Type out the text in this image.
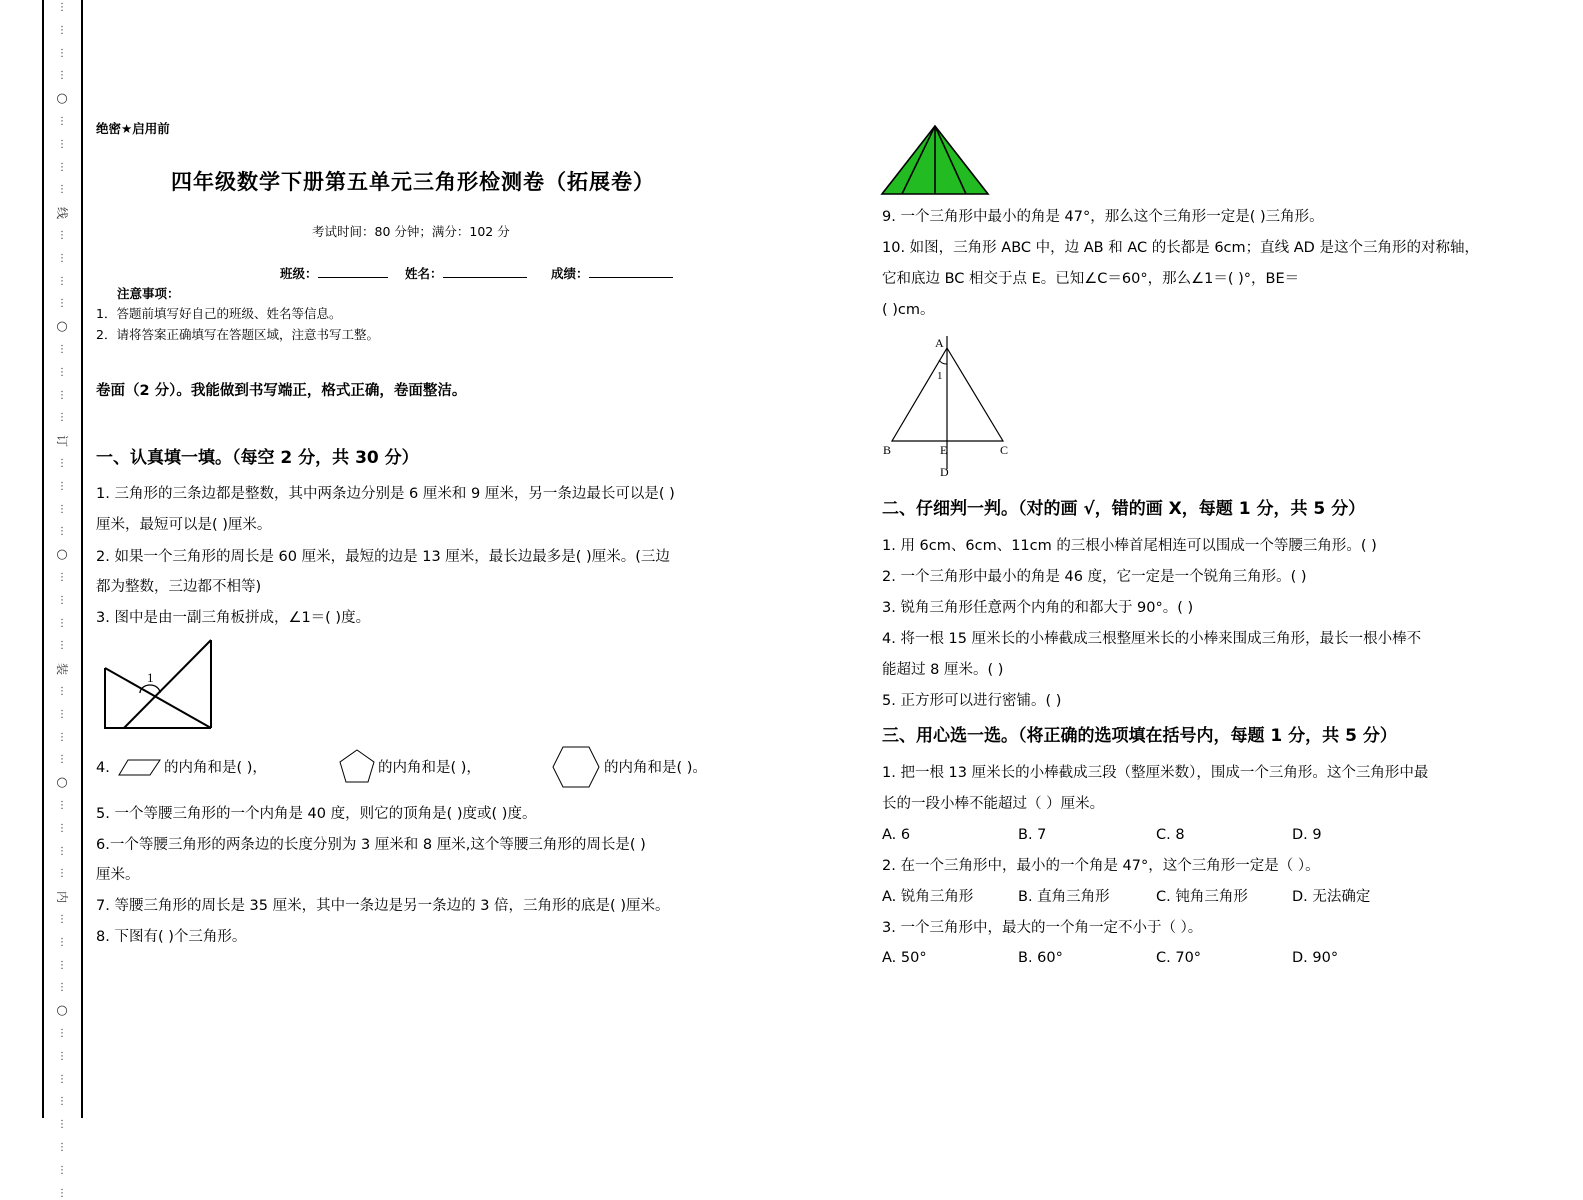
⋮
⋮
⋮
⋮
○
⋮
⋮
⋮
⋮
线
⋮
⋮
⋮
⋮
○
⋮
⋮
⋮
⋮
订
⋮
⋮
⋮
⋮
○
⋮
⋮
⋮
⋮
装
⋮
⋮
⋮
⋮
○
⋮
⋮
⋮
⋮
内
⋮
⋮
⋮
⋮
○
⋮
⋮
⋮
⋮
⋮
⋮
⋮
⋮
绝密★启用前
四年级数学下册第五单元三角形检测卷（拓展卷）
考试时间：80 分钟；满分：102 分
班级：	姓名：	成绩：
注意事项：
1．答题前填写好自己的班级、姓名等信息。
2．请将答案正确填写在答题区域，注意书写工整。
卷面（2 分）。我能做到书写端正，格式正确，卷面整洁。
一、认真填一填。（每空 2 分，共 30 分）
1. 三角形的三条边都是整数，其中两条边分别是 6 厘米和 9 厘米，另一条边最长可以是( )
厘米，最短可以是( )厘米。
2. 如果一个三角形的周长是 60 厘米，最短的边是 13 厘米，最长边最多是( )厘米。(三边
都为整数，三边都不相等)
3. 图中是由一副三角板拼成，∠1＝( )度。
1
4.	的内角和是( )，	的内角和是( )，	的内角和是( )。
5. 一个等腰三角形的一个内角是 40 度，则它的顶角是( )度或( )度。
6.一个等腰三角形的两条边的长度分别为 3 厘米和 8 厘米,这个等腰三角形的周长是( )
厘米。
7. 等腰三角形的周长是 35 厘米，其中一条边是另一条边的 3 倍，三角形的底是( )厘米。
8. 下图有( )个三角形。
9. 一个三角形中最小的角是 47°，那么这个三角形一定是( )三角形。
10. 如图，三角形 ABC 中，边 AB 和 AC 的长都是 6cm；直线 AD 是这个三角形的对称轴，
它和底边 BC 相交于点 E。已知∠C＝60°，那么∠1＝( )°，BE＝
( )cm。
A
1
B	E	C
D
二、仔细判一判。（对的画 √，错的画 X，每题 1 分，共 5 分）
1. 用 6cm、6cm、11cm 的三根小棒首尾相连可以围成一个等腰三角形。( )
2. 一个三角形中最小的角是 46 度，它一定是一个锐角三角形。( )
3. 锐角三角形任意两个内角的和都大于 90°。( )
4. 将一根 15 厘米长的小棒截成三根整厘米长的小棒来围成三角形，最长一根小棒不
能超过 8 厘米。( )
5. 正方形可以进行密铺。( )
三、用心选一选。（将正确的选项填在括号内，每题 1 分，共 5 分）
1. 把一根 13 厘米长的小棒截成三段（整厘米数），围成一个三角形。这个三角形中最
长的一段小棒不能超过（ ）厘米。
A. 6	B. 7	C. 8	D. 9
2. 在一个三角形中，最小的一个角是 47°，这个三角形一定是（ ）。
A. 锐角三角形	B. 直角三角形	C. 钝角三角形	D. 无法确定
3. 一个三角形中，最大的一个角一定不小于（ ）。
A. 50°	B. 60°	C. 70°	D. 90°
